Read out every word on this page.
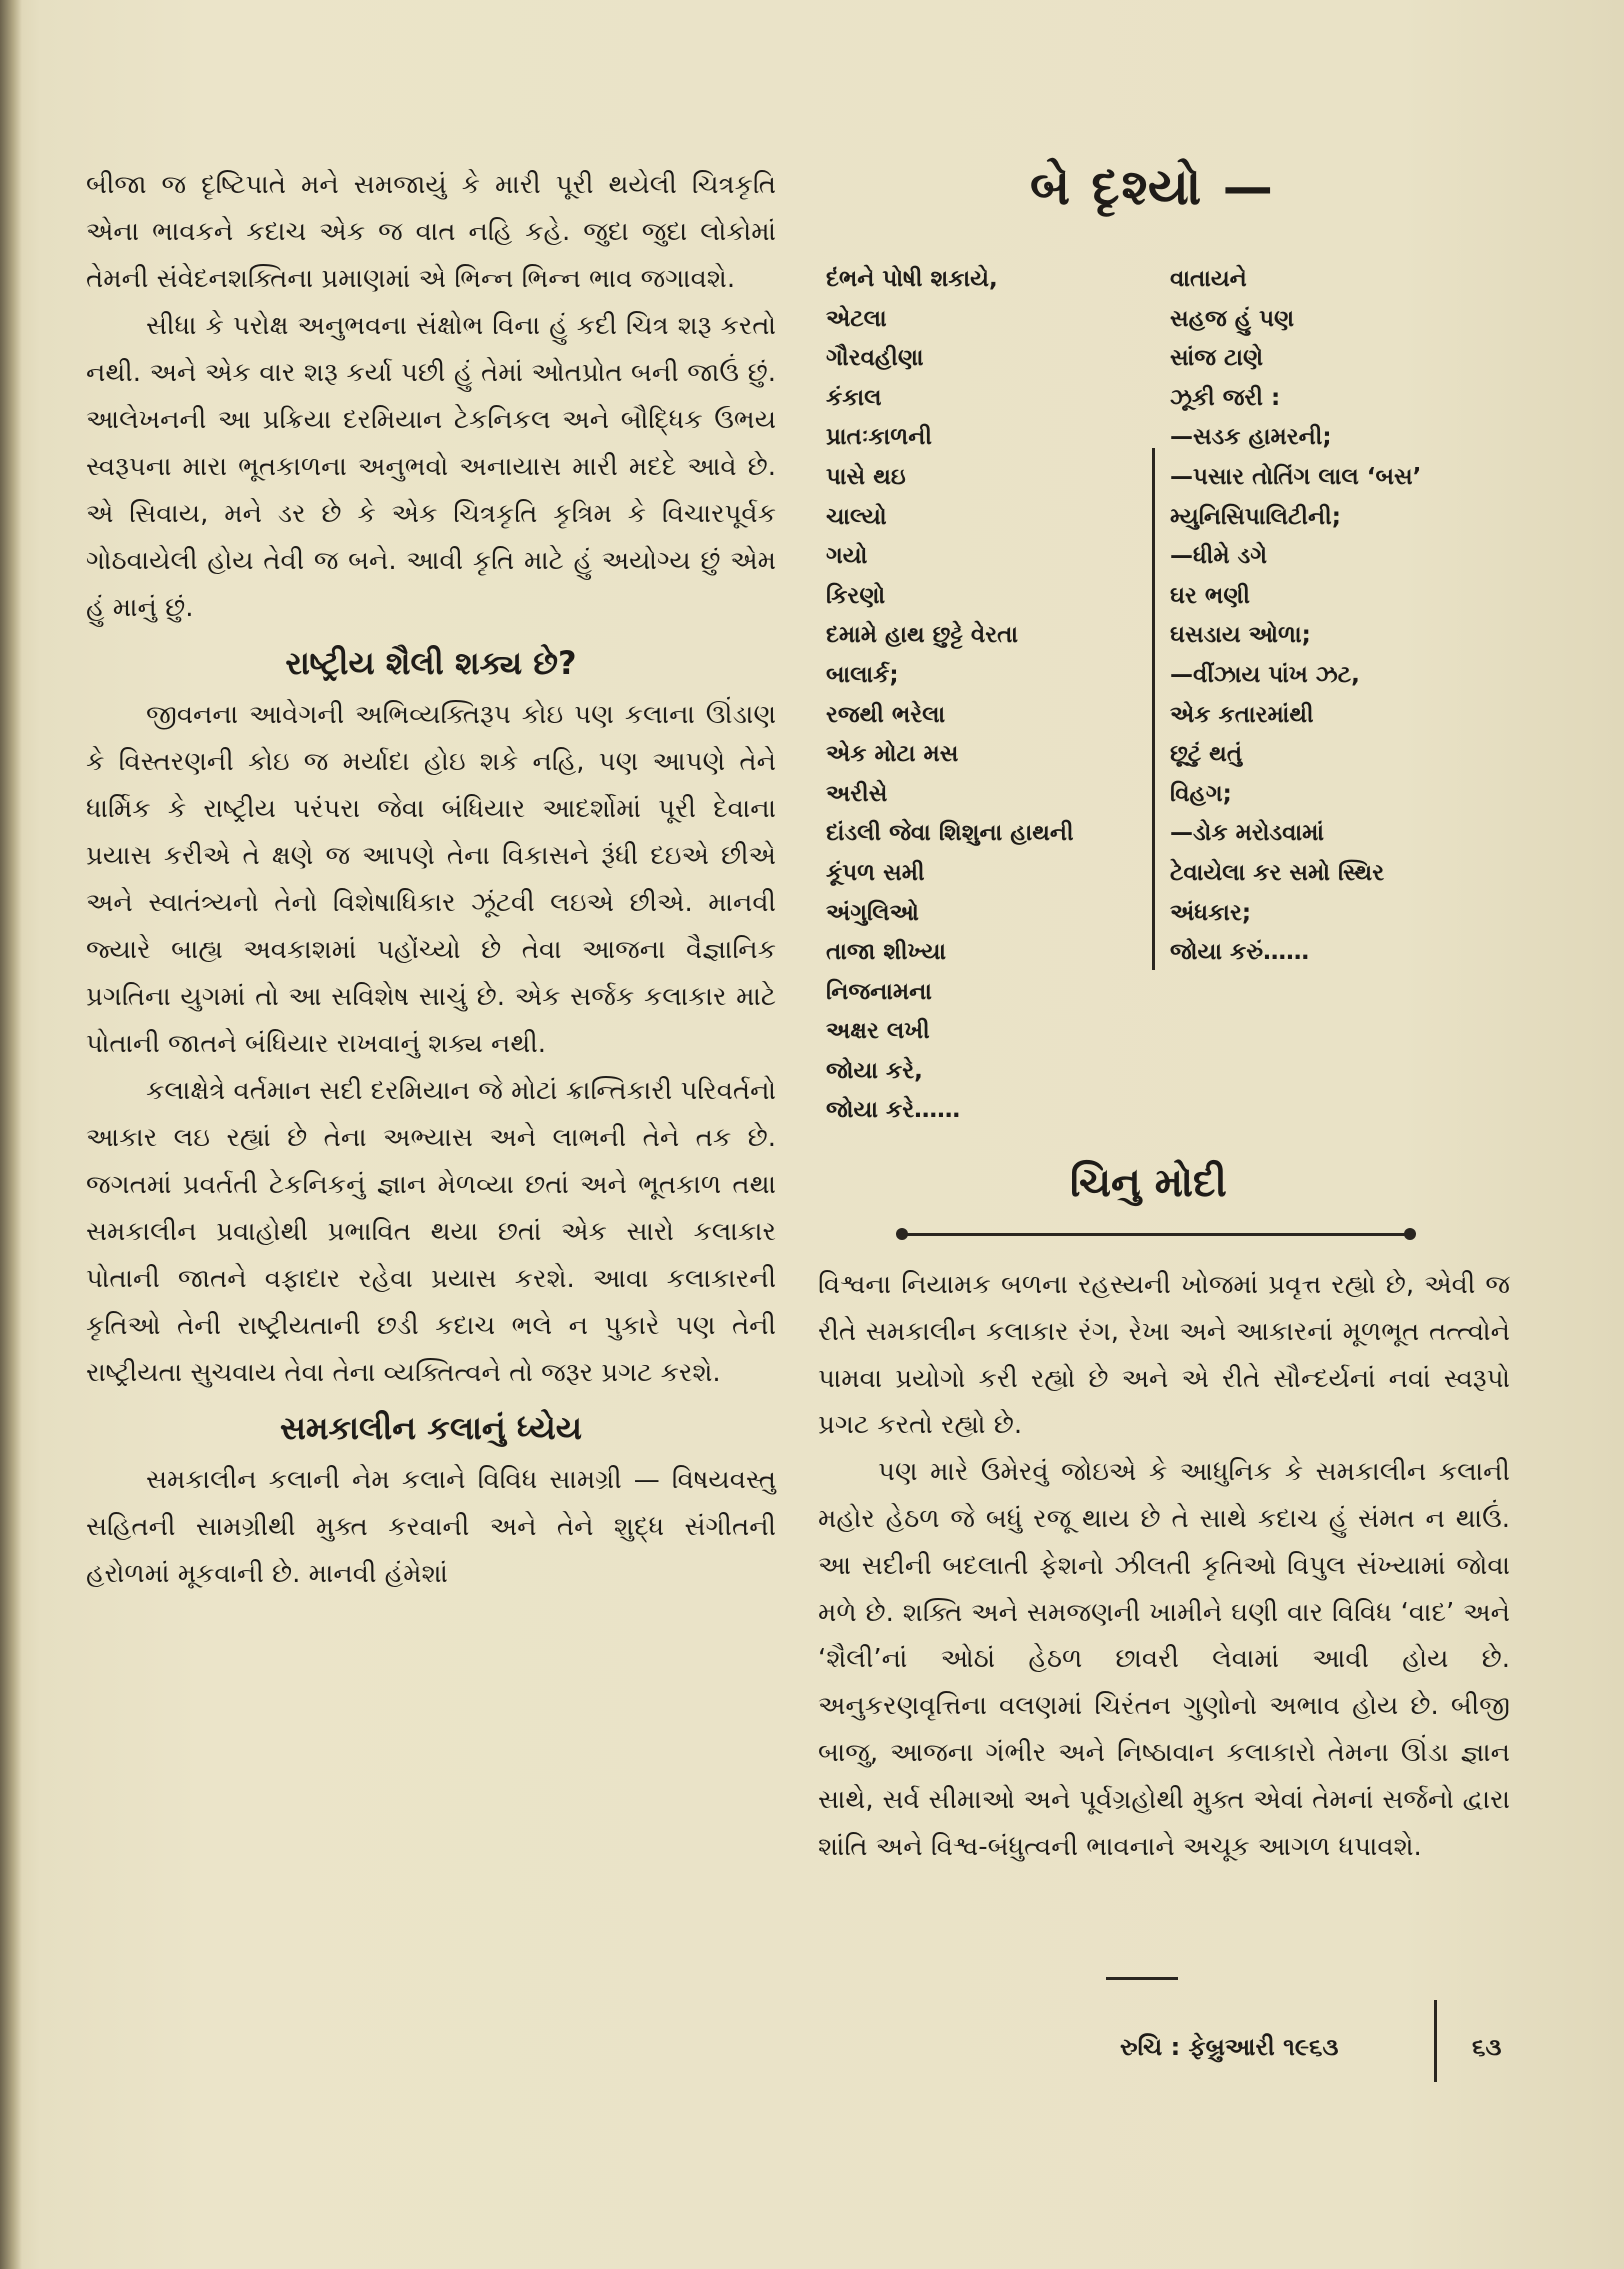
બીજા જ દૃષ્ટિપાતે મને સમજાયું કે મારી પૂરી થયેલી ચિત્રકૃતિ એના ભાવકને કદાચ એક જ વાત નહિ કહે. જુદા જુદા લોકોમાં તેમની સંવેદનશક્તિના પ્રમાણમાં એ ભિન્ન ભિન્ન ભાવ જગાવશે.

સીધા કે પરોક્ષ અનુભવના સંક્ષોભ વિના હું કદી ચિત્ર શરૂ કરતો નથી. અને એક વાર શરૂ કર્યા પછી હું તેમાં ઓતપ્રોત બની જાઉં છું. આલેખનની આ પ્રક્રિયા દરમિયાન ટેકનિકલ અને બૌદ્ધિક ઉભય સ્વરૂપના મારા ભૂતકાળના અનુભવો અનાયાસ મારી મદદે આવે છે. એ સિવાય, મને ડર છે કે એક ચિત્રકૃતિ કૃત્રિમ કે વિચારપૂર્વક ગોઠવાયેલી હોય તેવી જ બને. આવી કૃતિ માટે હું અયોગ્ય છું એમ હું માનું છું.

રાષ્ટ્રીય શૈલી શક્ય છે?

જીવનના આવેગની અભિવ્યક્તિરૂપ કોઇ પણ કલાના ઊંડાણ કે વિસ્તરણની કોઇ જ મર્યાદા હોઇ શકે નહિ, પણ આપણે તેને ધાર્મિક કે રાષ્ટ્રીય પરંપરા જેવા બંધિયાર આદર્શોમાં પૂરી દેવાના પ્રયાસ કરીએ તે ક્ષણે જ આપણે તેના વિકાસને રૂંધી દઇએ છીએ અને સ્વાતંત્ર્યનો તેનો વિશેષાધિકાર ઝૂંટવી લઇએ છીએ. માનવી જ્યારે બાહ્ય અવકાશમાં પહોંચ્યો છે તેવા આજના વૈજ્ઞાનિક પ્રગતિના યુગમાં તો આ સવિશેષ સાચું છે. એક સર્જક કલાકાર માટે પોતાની જાતને બંધિયાર રાખવાનું શક્ય નથી.

કલાક્ષેત્રે વર્તમાન સદી દરમિયાન જે મોટાં ક્રાન્તિકારી પરિવર્તનો આકાર લઇ રહ્યાં છે તેના અભ્યાસ અને લાભની તેને તક છે. જગતમાં પ્રવર્તતી ટેકનિકનું જ્ઞાન મેળવ્યા છતાં અને ભૂતકાળ તથા સમકાલીન પ્રવાહોથી પ્રભાવિત થયા છતાં એક સારો કલાકાર પોતાની જાતને વફાદાર રહેવા પ્રયાસ કરશે. આવા કલાકારની કૃતિઓ તેની રાષ્ટ્રીયતાની છડી કદાચ ભલે ન પુકારે પણ તેની રાષ્ટ્રીયતા સુચવાય તેવા તેના વ્યક્તિત્વને તો જરૂર પ્રગટ કરશે.

સમકાલીન કલાનું ધ્યેય

સમકાલીન કલાની નેમ કલાને વિવિધ સામગ્રી — વિષયવસ્તુ સહિતની સામગ્રીથી મુક્ત કરવાની અને તેને શુદ્ધ સંગીતની હરોળમાં મૂકવાની છે. માનવી હંમેશાં

બે દૃશ્યો —
દંભને પોષી શકાયે,
એટલા
ગૌરવહીણા
કંકાલ
પ્રાતઃકાળની
પાસે થઇ
ચાલ્યો
ગયો
કિરણો
દમામે હાથ છુટ્ટે વેરતા
બાલાર્ક;
રજથી ભરેલા
એક મોટા મસ
અરીસે
દાંડલી જેવા શિશુના હાથની
કૂંપળ સમી
અંગુલિઓ
તાજા શીખ્યા
નિજનામના
અક્ષર લખી
જોયા કરે,
જોયા કરે……
વાતાયને
સહજ હું પણ
સાંજ ટાણે
ઝૂકી જરી :
—સડક હામરની;
—પસાર તોતિંગ લાલ ‘બસ’
મ્યુનિસિપાલિટીની;
—ધીમે ડગે
ઘર ભણી
ઘસડાય ઓળા;
—વીંઝાય પાંખ ઝટ,
એક કતારમાંથી
છૂટું થતું
વિહગ;
—ડોક મરોડવામાં
ટેવાયેલા કર સમો સ્થિર
અંધકાર;
જોયા કરું……
ચિનુ મોદી

વિશ્વના નિયામક બળના રહસ્યની ખોજમાં પ્રવૃત્ત રહ્યો છે, એવી જ રીતે સમકાલીન કલાકાર રંગ, રેખા અને આકારનાં મૂળભૂત તત્ત્વોને પામવા પ્રયોગો કરી રહ્યો છે અને એ રીતે સૌન્દર્યનાં નવાં સ્વરૂપો પ્રગટ કરતો રહ્યો છે.

પણ મારે ઉમેરવું જોઇએ કે આધુનિક કે સમકાલીન કલાની મહોર હેઠળ જે બધું રજૂ થાય છે તે સાથે કદાચ હું સંમત ન થાઉં. આ સદીની બદલાતી ફેશનો ઝીલતી કૃતિઓ વિપુલ સંખ્યામાં જોવા મળે છે. શક્તિ અને સમજણની ખામીને ઘણી વાર વિવિધ ‘વાદ’ અને ‘શૈલી’નાં ઓઠાં હેઠળ છાવરી લેવામાં આવી હોય છે. અનુકરણવૃત્તિના વલણમાં ચિરંતન ગુણોનો અભાવ હોય છે. બીજી બાજુ, આજના ગંભીર અને નિષ્ઠાવાન કલાકારો તેમના ઊંડા જ્ઞાન સાથે, સર્વ સીમાઓ અને પૂર્વગ્રહોથી મુક્ત એવાં તેમનાં સર્જનો દ્વારા શાંતિ અને વિશ્વ-બંધુત્વની ભાવનાને અચૂક આગળ ધપાવશે.

રુચિ : ફેબ્રુઆરી ૧૯૬૩	૬૩
